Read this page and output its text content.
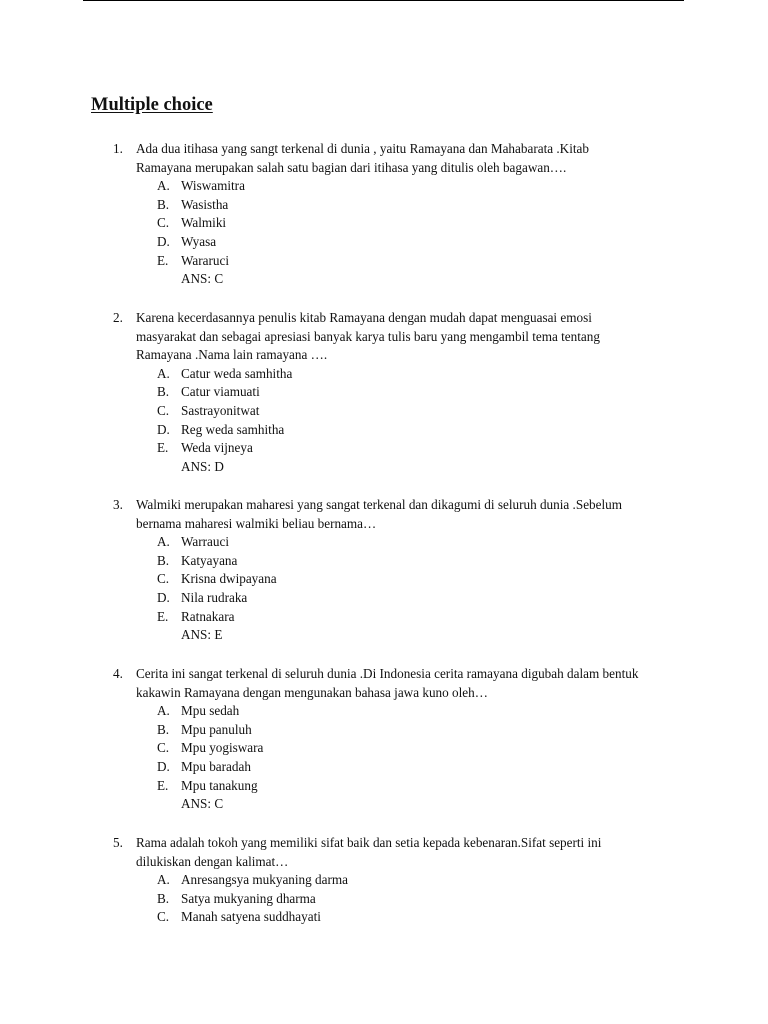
Multiple choice
1. Ada dua itihasa yang sangt terkenal di dunia , yaitu Ramayana dan Mahabarata .Kitab
Ramayana merupakan salah satu bagian dari itihasa yang ditulis oleh bagawan….
A. Wiswamitra
B. Wasistha
C. Walmiki
D. Wyasa
E. Wararuci
ANS: C
2. Karena kecerdasannya penulis kitab Ramayana dengan mudah dapat menguasai emosi
masyarakat dan sebagai apresiasi banyak karya tulis baru yang mengambil tema tentang
Ramayana .Nama lain ramayana ….
A. Catur weda samhitha
B. Catur viamuati
C. Sastrayonitwat
D. Reg weda samhitha
E. Weda vijneya
ANS: D
3. Walmiki merupakan maharesi yang sangat terkenal dan dikagumi di seluruh dunia .Sebelum
bernama maharesi walmiki beliau bernama…
A. Warrauci
B. Katyayana
C. Krisna dwipayana
D. Nila rudraka
E. Ratnakara
ANS: E
4. Cerita ini sangat terkenal di seluruh dunia .Di Indonesia cerita ramayana digubah dalam bentuk
kakawin Ramayana dengan mengunakan bahasa jawa kuno oleh…
A. Mpu sedah
B. Mpu panuluh
C. Mpu yogiswara
D. Mpu baradah
E. Mpu tanakung
ANS: C
5. Rama adalah tokoh yang memiliki sifat baik dan setia kepada kebenaran.Sifat seperti ini
dilukiskan dengan kalimat…
A. Anresangsya mukyaning darma
B. Satya mukyaning dharma
C. Manah satyena suddhayati
